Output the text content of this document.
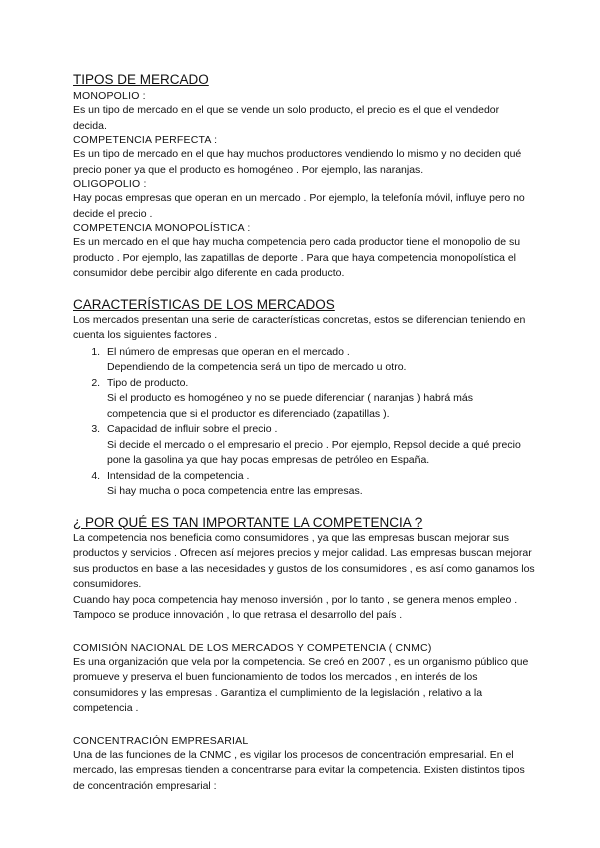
TIPOS DE MERCADO
MONOPOLIO :

Es un tipo de mercado en el que se vende un solo producto, el precio es el que el vendedor decida.

COMPETENCIA PERFECTA :

Es un tipo de mercado en el que hay muchos productores vendiendo lo mismo y no deciden qué precio poner ya que el producto es homogéneo . Por ejemplo, las naranjas.

OLIGOPOLIO :

Hay pocas empresas que operan en un mercado . Por ejemplo, la telefonía móvil, influye pero no decide el precio .

COMPETENCIA MONOPOLÍSTICA :

Es un mercado en el que hay mucha competencia pero cada productor tiene el monopolio de su producto . Por ejemplo, las zapatillas de deporte . Para que haya competencia monopolística el consumidor debe percibir algo diferente en cada producto.

CARACTERÍSTICAS DE LOS MERCADOS

Los mercados presentan una serie de características concretas, estos se diferencian teniendo en cuenta los siguientes factores .

1. El número de empresas que operan en el mercado .
Dependiendo de la competencia será un tipo de mercado u otro.
2. Tipo de producto.
Si el producto es homogéneo y no se puede diferenciar ( naranjas ) habrá más competencia que si el productor es diferenciado (zapatillas ).
3. Capacidad de influir sobre el precio .
Si decide el mercado o el empresario el precio . Por ejemplo, Repsol decide a qué precio pone la gasolina ya que hay pocas empresas de petróleo en España.
4. Intensidad de la competencia .
Si hay mucha o poca competencia entre las empresas.
¿ POR QUÉ ES TAN IMPORTANTE LA COMPETENCIA ?

La competencia nos beneficia como consumidores , ya que las empresas buscan mejorar sus productos y servicios . Ofrecen así mejores precios y mejor calidad. Las empresas buscan mejorar sus productos en base a las necesidades y gustos de los consumidores , es así como ganamos los consumidores.

Cuando hay poca competencia hay menoso inversión , por lo tanto , se genera menos empleo . Tampoco se produce innovación , lo que retrasa el desarrollo del país .

COMISIÓN NACIONAL DE LOS MERCADOS Y COMPETENCIA ( CNMC)

Es una organización que vela por la competencia. Se creó en 2007 , es un organismo público que promueve y preserva el buen funcionamiento de todos los mercados , en interés de los consumidores y las empresas . Garantiza el cumplimiento de la legislación , relativo a la competencia .

CONCENTRACIÓN EMPRESARIAL

Una de las funciones de la CNMC , es vigilar los procesos de concentración empresarial. En el mercado, las empresas tienden a concentrarse para evitar la competencia. Existen distintos tipos de concentración empresarial :
